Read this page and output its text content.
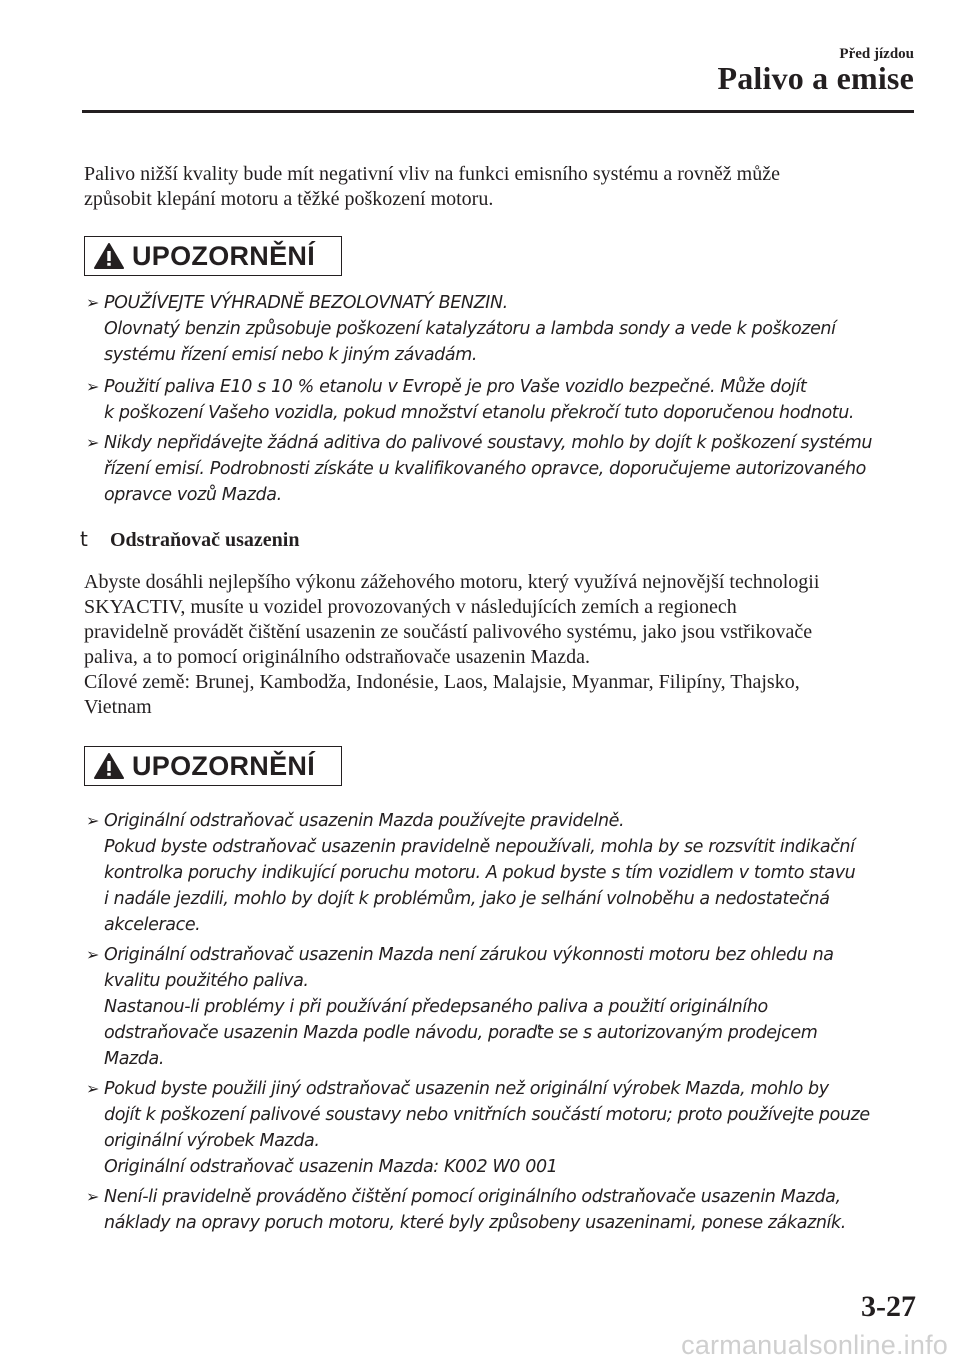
Před jízdou
Palivo a emise
Palivo nižší kvality bude mít negativní vliv na funkci emisního systému a rovněž může
způsobit klepání motoru a těžké poškození motoru.
UPOZORNĚNÍ
➢ POUŽÍVEJTE VÝHRADNĚ BEZOLOVNATÝ BENZIN.
Olovnatý benzin způsobuje poškození katalyzátoru a lambda sondy a vede k poškození
systému řízení emisí nebo k jiným závadám.
➢ Použití paliva E10 s 10 % etanolu v Evropě je pro Vaše vozidlo bezpečné. Může dojít
k poškození Vašeho vozidla, pokud množství etanolu překročí tuto doporučenou hodnotu.
➢ Nikdy nepřidávejte žádná aditiva do palivové soustavy, mohlo by dojít k poškození systému
řízení emisí. Podrobnosti získáte u kvalifikovaného opravce, doporučujeme autorizovaného
opravce vozů Mazda.
t Odstraňovač usazenin
Abyste dosáhli nejlepšího výkonu zážehového motoru, který využívá nejnovější technologii
SKYACTIV, musíte u vozidel provozovaných v následujících zemích a regionech
pravidelně provádět čištění usazenin ze součástí palivového systému, jako jsou vstřikovače
paliva, a to pomocí originálního odstraňovače usazenin Mazda.
Cílové země: Brunej, Kambodža, Indonésie, Laos, Malajsie, Myanmar, Filipíny, Thajsko,
Vietnam
UPOZORNĚNÍ
➢ Originální odstraňovač usazenin Mazda používejte pravidelně.
Pokud byste odstraňovač usazenin pravidelně nepoužívali, mohla by se rozsvítit indikační
kontrolka poruchy indikující poruchu motoru. A pokud byste s tím vozidlem v tomto stavu
i nadále jezdili, mohlo by dojít k problémům, jako je selhání volnoběhu a nedostatečná
akcelerace.
➢ Originální odstraňovač usazenin Mazda není zárukou výkonnosti motoru bez ohledu na
kvalitu použitého paliva.
Nastanou-li problémy i při používání předepsaného paliva a použití originálního
odstraňovače usazenin Mazda podle návodu, poraďte se s autorizovaným prodejcem
Mazda.
➢ Pokud byste použili jiný odstraňovač usazenin než originální výrobek Mazda, mohlo by
dojít k poškození palivové soustavy nebo vnitřních součástí motoru; proto používejte pouze
originální výrobek Mazda.
Originální odstraňovač usazenin Mazda: K002 W0 001
➢ Není-li pravidelně prováděno čištění pomocí originálního odstraňovače usazenin Mazda,
náklady na opravy poruch motoru, které byly způsobeny usazeninami, ponese zákazník.
3-27
carmanualsonline.info
